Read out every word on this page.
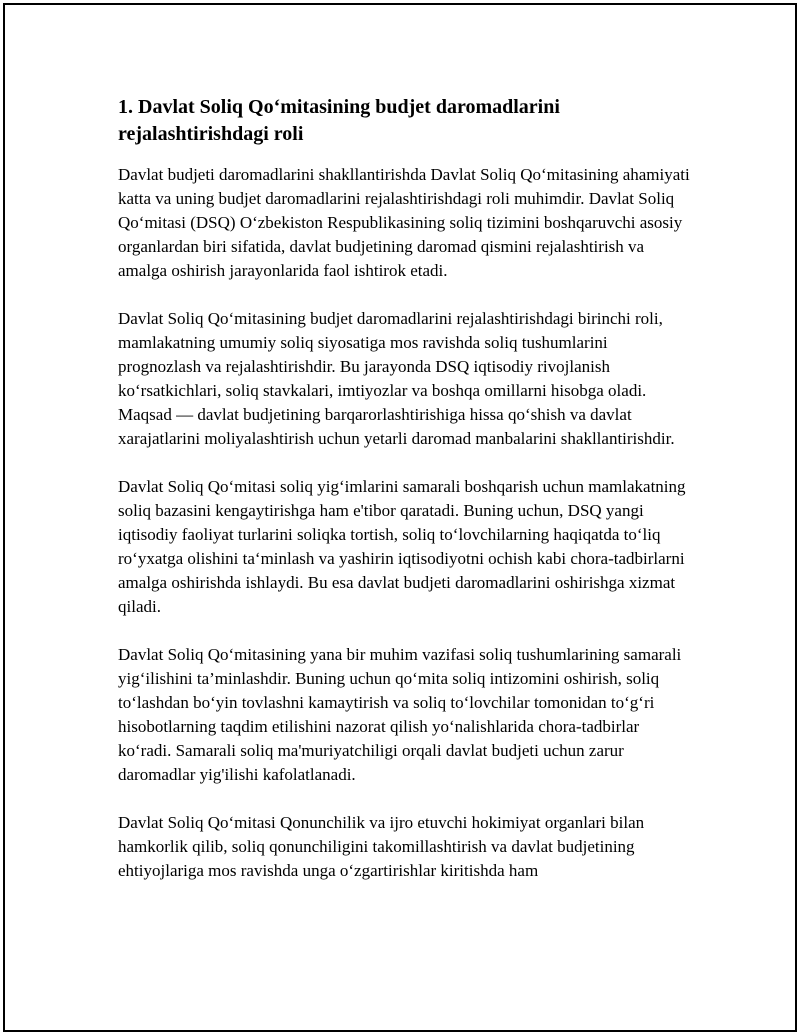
1. Davlat Soliq Qo‘mitasining budjet daromadlarini rejalashtirishdagi roli

Davlat budjeti daromadlarini shakllantirishda Davlat Soliq Qo‘mitasining ahamiyati katta va uning budjet daromadlarini rejalashtirishdagi roli muhimdir. Davlat Soliq Qo‘mitasi (DSQ) O‘zbekiston Respublikasining soliq tizimini boshqaruvchi asosiy organlardan biri sifatida, davlat budjetining daromad qismini rejalashtirish va amalga oshirish jarayonlarida faol ishtirok etadi.

Davlat Soliq Qo‘mitasining budjet daromadlarini rejalashtirishdagi birinchi roli, mamlakatning umumiy soliq siyosatiga mos ravishda soliq tushumlarini prognozlash va rejalashtirishdir. Bu jarayonda DSQ iqtisodiy rivojlanish ko‘rsatkichlari, soliq stavkalari, imtiyozlar va boshqa omillarni hisobga oladi. Maqsad — davlat budjetining barqarorlashtirishiga hissa qo‘shish va davlat xarajatlarini moliyalashtirish uchun yetarli daromad manbalarini shakllantirishdir.

Davlat Soliq Qo‘mitasi soliq yig‘imlarini samarali boshqarish uchun mamlakatning soliq bazasini kengaytirishga ham e'tibor qaratadi. Buning uchun, DSQ yangi iqtisodiy faoliyat turlarini soliqka tortish, soliq to‘lovchilarning haqiqatda to‘liq ro‘yxatga olishini ta‘minlash va yashirin iqtisodiyotni ochish kabi chora-tadbirlarni amalga oshirishda ishlaydi. Bu esa davlat budjeti daromadlarini oshirishga xizmat qiladi.

Davlat Soliq Qo‘mitasining yana bir muhim vazifasi soliq tushumlarining samarali yig‘ilishini ta’minlashdir. Buning uchun qo‘mita soliq intizomini oshirish, soliq to‘lashdan bo‘yin tovlashni kamaytirish va soliq to‘lovchilar tomonidan to‘g‘ri hisobotlarning taqdim etilishini nazorat qilish yo‘nalishlarida chora-tadbirlar ko‘radi. Samarali soliq ma'muriyatchiligi orqali davlat budjeti uchun zarur daromadlar yig'ilishi kafolatlanadi.

Davlat Soliq Qo‘mitasi Qonunchilik va ijro etuvchi hokimiyat organlari bilan hamkorlik qilib, soliq qonunchiligini takomillashtirish va davlat budjetining ehtiyojlariga mos ravishda unga o‘zgartirishlar kiritishda ham
